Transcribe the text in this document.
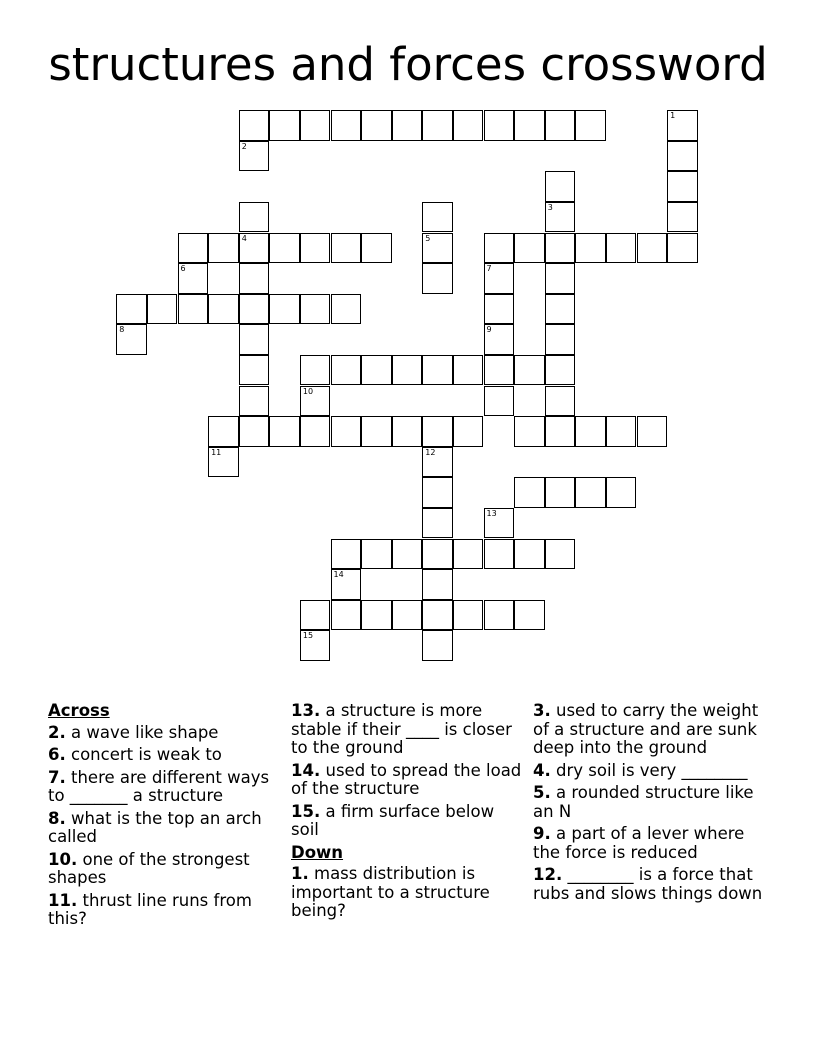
structures and forces crossword
1
3
4	5
7
9
12
2
6
8
10
11
13
14
15
Across
2. a wave like shape
6. concert is weak to
7. there are different ways to _______ a structure
8. what is the top an arch called
10. one of the strongest shapes
11. thrust line runs from this?
13. a structure is more stable if their ____ is closer to the ground
14. used to spread the load of the structure
15. a firm surface below soil
Down
1. mass distribution is important to a structure being?
3. used to carry the weight of a structure and are sunk deep into the ground
4. dry soil is very ________
5. a rounded structure like an N
9. a part of a lever where the force is reduced
12. ________ is a force that rubs and slows things down
